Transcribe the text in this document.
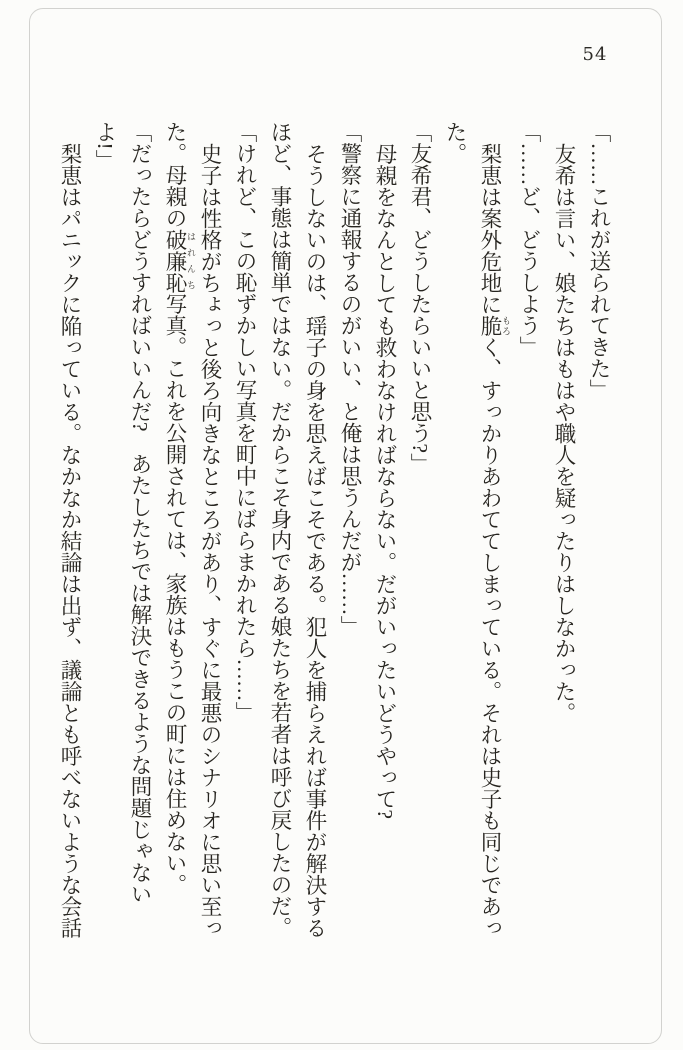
54

「……これが送られてきた」

友希は言い、娘たちはもはや職人を疑ったりはしなかった。

「……ど、どうしよう」

梨恵は案外危地に脆 もろく、すっかりあわててしまっている。それは史子も同じであった。

「友希君、どうしたらいいと思う?」

母親をなんとしても救わなければならない。だがいったいどうやって?

「警察に通報するのがいい、と俺は思うんだが……」

そうしないのは、瑶子の身を思えばこそである。犯人を捕らえれば事件が解決するほど、事態は簡単ではない。だからこそ身内である娘たちを若者は呼び戻したのだ。

「けれど、この恥ずかしい写真を町中にばらまかれたら……」

史子は性格がちょっと後ろ向きなところがあり、すぐに最悪のシナリオに思い至った。母親の破廉恥 はれんち写真。これを公開されては、家族はもうこの町には住めない。

「だったらどうすればいいんだ?　あたしたちでは解決できるような問題じゃないよ!」

梨恵はパニックに陥っている。なかなか結論は出ず、議論とも呼べないような会話
